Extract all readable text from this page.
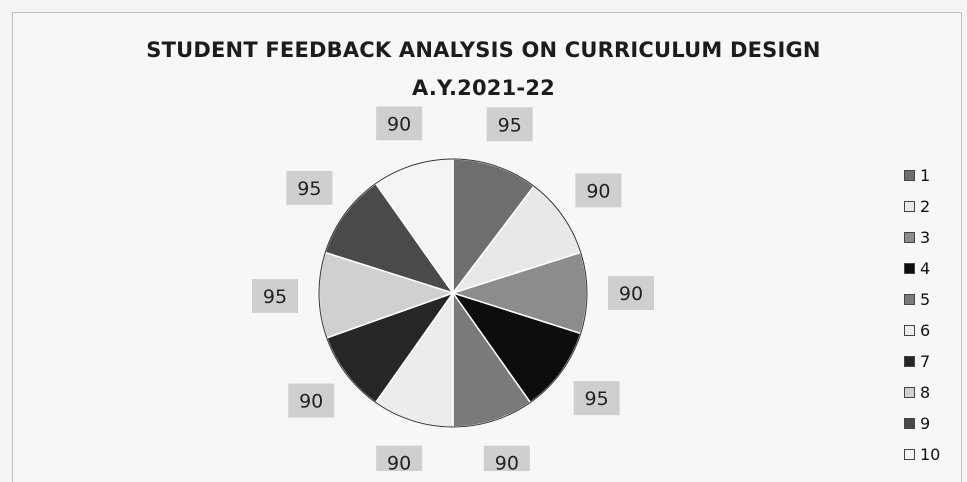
STUDENT FEEDBACK ANALYSIS ON CURRICULUM DESIGN
A.Y.2021-22
95
90
90
95
90
90
90
95
95
90
1
2
3
4
5
6
7
8
9
10
